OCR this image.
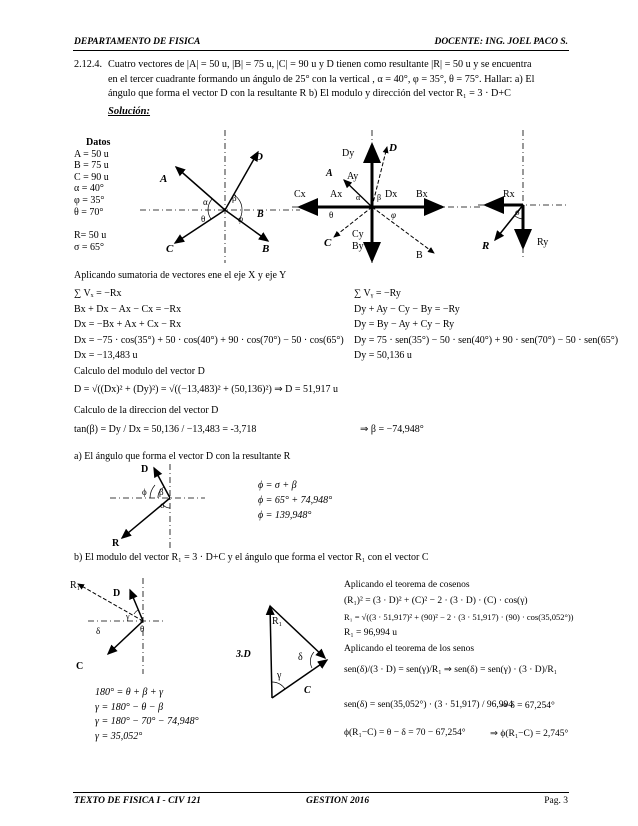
DEPARTAMENTO DE FISICA	DOCENTE: ING. JOEL PACO S.
2.12.4. Cuatro vectores de |A| = 50 u, |B| = 75 u, |C| = 90 u y D tienen como resultante |R| = 50 u y se encuentra
en el tercer cuadrante formando un ángulo de 25° con la vertical , α = 40°, φ = 35°, θ = 75°. Hallar: a) El
ángulo que forma el vector D con la resultante R b) El modulo y dirección del vector R₁ = 3 · D+C
Solución:
Datos
A = 50 u
B = 75 u
C = 90 u
α = 40°
φ = 35°
θ = 70°
R= 50 u
σ = 65°
A
D
C	B
α	β
θ	φ B
Dy	D
A Ay
Cx Ax	Dx Bx
α β
θ	φ
Cy
By
B
C
Rx
σ
R	Ry
Aplicando sumatoria de vectores ene el eje X y eje Y
∑ Vₓ = −Rx
Bx + Dx − Ax − Cx = −Rx
Dx = −Bx + Ax + Cx − Rx
Dx = −75 · cos(35°) + 50 · cos(40°) + 90 · cos(70°) − 50 · cos(65°)
Dx = −13,483 u
∑ Vᵧ = −Ry
Dy + Ay − Cy − By = −Ry
Dy = By − Ay + Cy − Ry
Dy = 75 · sen(35°) − 50 · sen(40°) + 90 · sen(70°) − 50 · sen(65°)
Dy = 50,136 u
Calculo del modulo del vector D
D = √((Dx)² + (Dy)²) = √((−13,483)² + (50,136)²) ⇒ D = 51,917 u
Calculo de la direccion del vector D
tan(β) = Dy / Dx = 50,136 / −13,483 = -3,718	⇒ β = −74,948°
a) El ángulo que forma el vector D con la resultante R
D
ϕ β
σ
R
ϕ = σ + β
ϕ = 65° + 74,948°
ϕ = 139,948°
b) El modulo del vector R₁ = 3 · D+C y el ángulo que forma el vector R₁ con el vector C
R₁
D
δ
γ
θ
C
R₁
3.D	δ
γ
C
180° = θ + β + γ
γ = 180° − θ − β
γ = 180° − 70° − 74,948°
γ = 35,052°
Aplicando el teorema de cosenos
(R₁)² = (3 · D)² + (C)² − 2 · (3 · D) · (C) · cos(γ)
R₁ = √((3 · 51,917)² + (90)² − 2 · (3 · 51,917) · (90) · cos(35,052°))
R₁ = 96,994 u
Aplicando el teorema de los senos
sen(δ)/(3 · D) = sen(γ)/R₁ ⇒ sen(δ) = sen(γ) · (3 · D)/R₁
sen(δ) = sen(35,052°) · (3 · 51,917) / 96,994
⇒ δ = 67,254°
ϕ(R₁−C) = θ − δ = 70 − 67,254°	⇒ ϕ(R₁−C) = 2,745°
TEXTO DE FISICA I - CIV 121	GESTION 2016	Pag. 3
